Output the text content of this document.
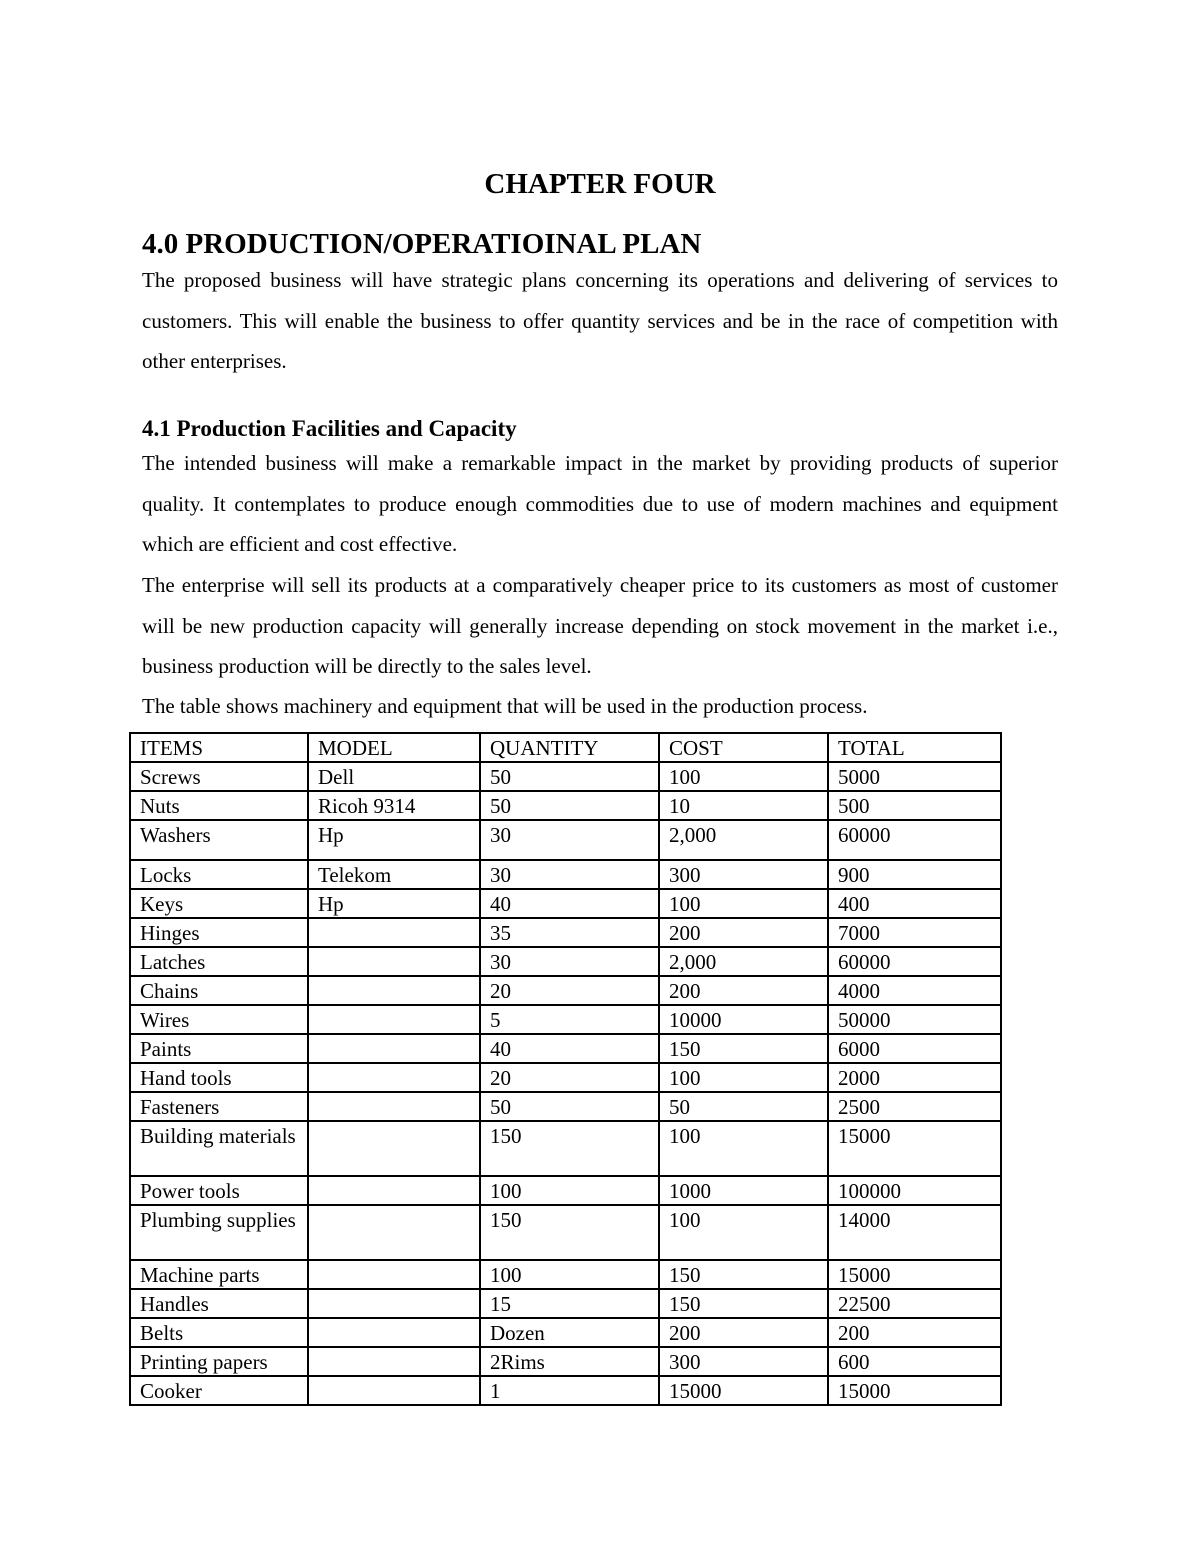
CHAPTER FOUR
4.0 PRODUCTION/OPERATIOINAL PLAN

The proposed business will have strategic plans concerning its operations and delivering of services to customers. This will enable the business to offer quantity services and be in the race of competition with other enterprises.

4.1 Production Facilities and Capacity

The intended business will make a remarkable impact in the market by providing products of superior quality. It contemplates to produce enough commodities due to use of modern machines and equipment which are efficient and cost effective.

The enterprise will sell its products at a comparatively cheaper price to its customers as most of customer will be new production capacity will generally increase depending on stock movement in the market i.e., business production will be directly to the sales level.

The table shows machinery and equipment that will be used in the production process.

ITEMS	MODEL	QUANTITY	COST	TOTAL
Screws	Dell	50	100	5000
Nuts	Ricoh 9314	50	10	500
Washers	Hp	30	2,000	60000
Locks	Telekom	30	300	900
Keys	Hp	40	100	400
Hinges		35	200	7000
Latches		30	2,000	60000
Chains		20	200	4000
Wires		5	10000	50000
Paints		40	150	6000
Hand tools		20	100	2000
Fasteners		50	50	2500
Building materials		150	100	15000
Power tools		100	1000	100000
Plumbing supplies		150	100	14000
Machine parts		100	150	15000
Handles		15	150	22500
Belts		Dozen	200	200
Printing papers		2Rims	300	600
Cooker		1	15000	15000
